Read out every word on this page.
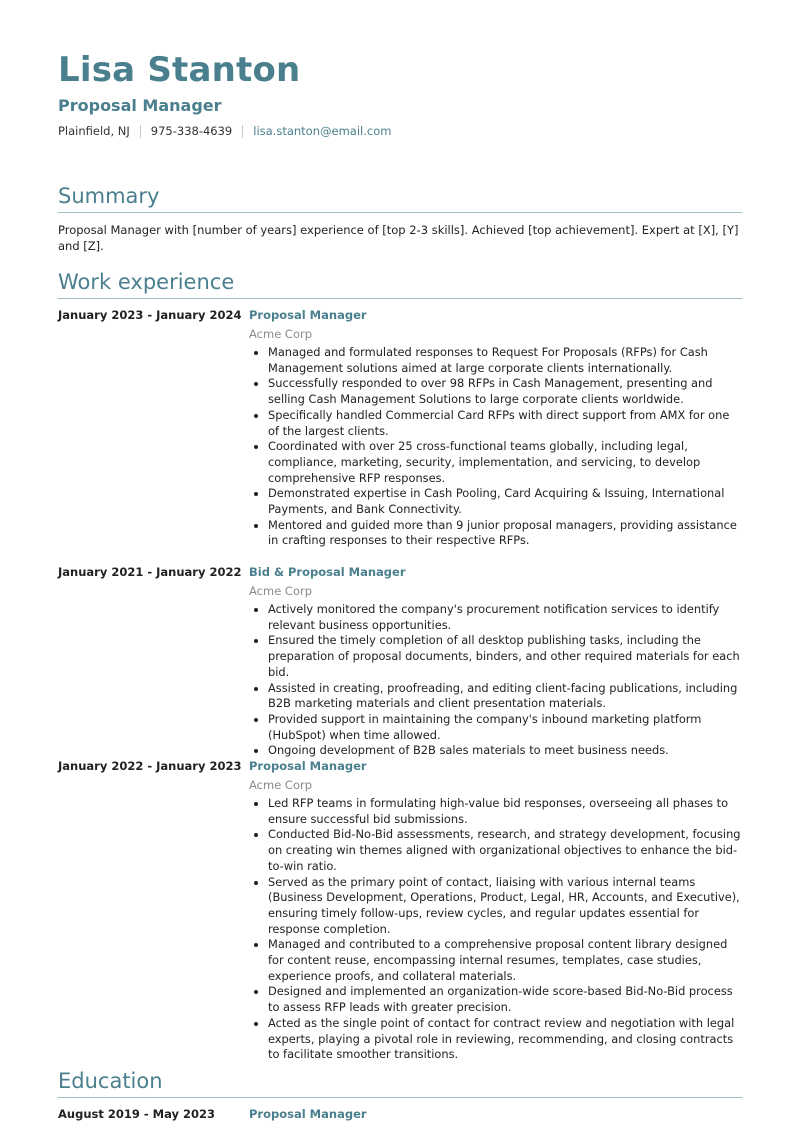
Lisa Stanton
Proposal Manager
Plainfield, NJ 975-338-4639 lisa.stanton@email.com
Summary

Proposal Manager with [number of years] experience of [top 2-3 skills]. Achieved [top achievement]. Expert at [X], [Y] and [Z].

Work experience
January 2023 - January 2024 Proposal Manager
Acme Corp
• Managed and formulated responses to Request For Proposals (RFPs) for Cash Management solutions aimed at large corporate clients internationally.
• Successfully responded to over 98 RFPs in Cash Management, presenting and selling Cash Management Solutions to large corporate clients worldwide.
• Specifically handled Commercial Card RFPs with direct support from AMX for one of the largest clients.
• Coordinated with over 25 cross-functional teams globally, including legal, compliance, marketing, security, implementation, and servicing, to develop comprehensive RFP responses.
• Demonstrated expertise in Cash Pooling, Card Acquiring & Issuing, International Payments, and Bank Connectivity.
• Mentored and guided more than 9 junior proposal managers, providing assistance in crafting responses to their respective RFPs.
January 2021 - January 2022 Bid & Proposal Manager
Acme Corp
• Actively monitored the company's procurement notification services to identify relevant business opportunities.
• Ensured the timely completion of all desktop publishing tasks, including the preparation of proposal documents, binders, and other required materials for each bid.
• Assisted in creating, proofreading, and editing client-facing publications, including B2B marketing materials and client presentation materials.
• Provided support in maintaining the company's inbound marketing platform (HubSpot) when time allowed.
• Ongoing development of B2B sales materials to meet business needs.
January 2022 - January 2023 Proposal Manager
Acme Corp
• Led RFP teams in formulating high-value bid responses, overseeing all phases to ensure successful bid submissions.
• Conducted Bid-No-Bid assessments, research, and strategy development, focusing on creating win themes aligned with organizational objectives to enhance the bid-to-win ratio.
• Served as the primary point of contact, liaising with various internal teams (Business Development, Operations, Product, Legal, HR, Accounts, and Executive), ensuring timely follow-ups, review cycles, and regular updates essential for response completion.
• Managed and contributed to a comprehensive proposal content library designed for content reuse, encompassing internal resumes, templates, case studies, experience proofs, and collateral materials.
• Designed and implemented an organization-wide score-based Bid-No-Bid process to assess RFP leads with greater precision.
• Acted as the single point of contact for contract review and negotiation with legal experts, playing a pivotal role in reviewing, recommending, and closing contracts to facilitate smoother transitions.
Education
August 2019 - May 2023	Proposal Manager
